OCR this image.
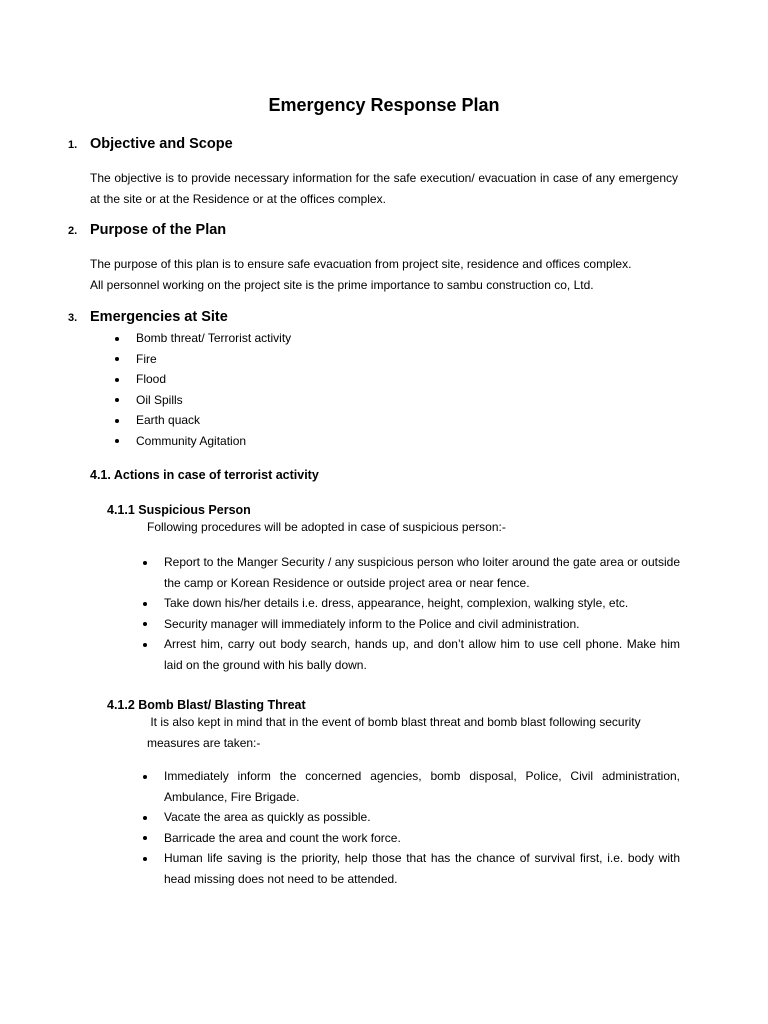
Emergency Response Plan
1. Objective and Scope
The objective is to provide necessary information for the safe execution/ evacuation in case of any emergency at the site or at the Residence or at the offices complex.
2. Purpose of the Plan
The purpose of this plan is to ensure safe evacuation from project site, residence and offices complex.
All personnel working on the project site is the prime importance to sambu construction co, Ltd.
3. Emergencies at Site
Bomb threat/ Terrorist activity
Fire
Flood
Oil Spills
Earth quack
Community Agitation
4.1. Actions in case of terrorist activity
4.1.1 Suspicious Person
Following procedures will be adopted in case of suspicious person:-
Report to the Manger Security / any suspicious person who loiter around the gate area or outside the camp or Korean Residence or outside project area or near fence.
Take down his/her details i.e. dress, appearance, height, complexion, walking style, etc.
Security manager will immediately inform to the Police and civil administration.
Arrest him, carry out body search, hands up, and don’t allow him to use cell phone. Make him laid on the ground with his bally down.
4.1.2 Bomb Blast/ Blasting Threat
It is also kept in mind that in the event of bomb blast threat and bomb blast following security
measures are taken:-
Immediately inform the concerned agencies, bomb disposal, Police, Civil administration, Ambulance, Fire Brigade.
Vacate the area as quickly as possible.
Barricade the area and count the work force.
Human life saving is the priority, help those that has the chance of survival first, i.e. body with head missing does not need to be attended.
